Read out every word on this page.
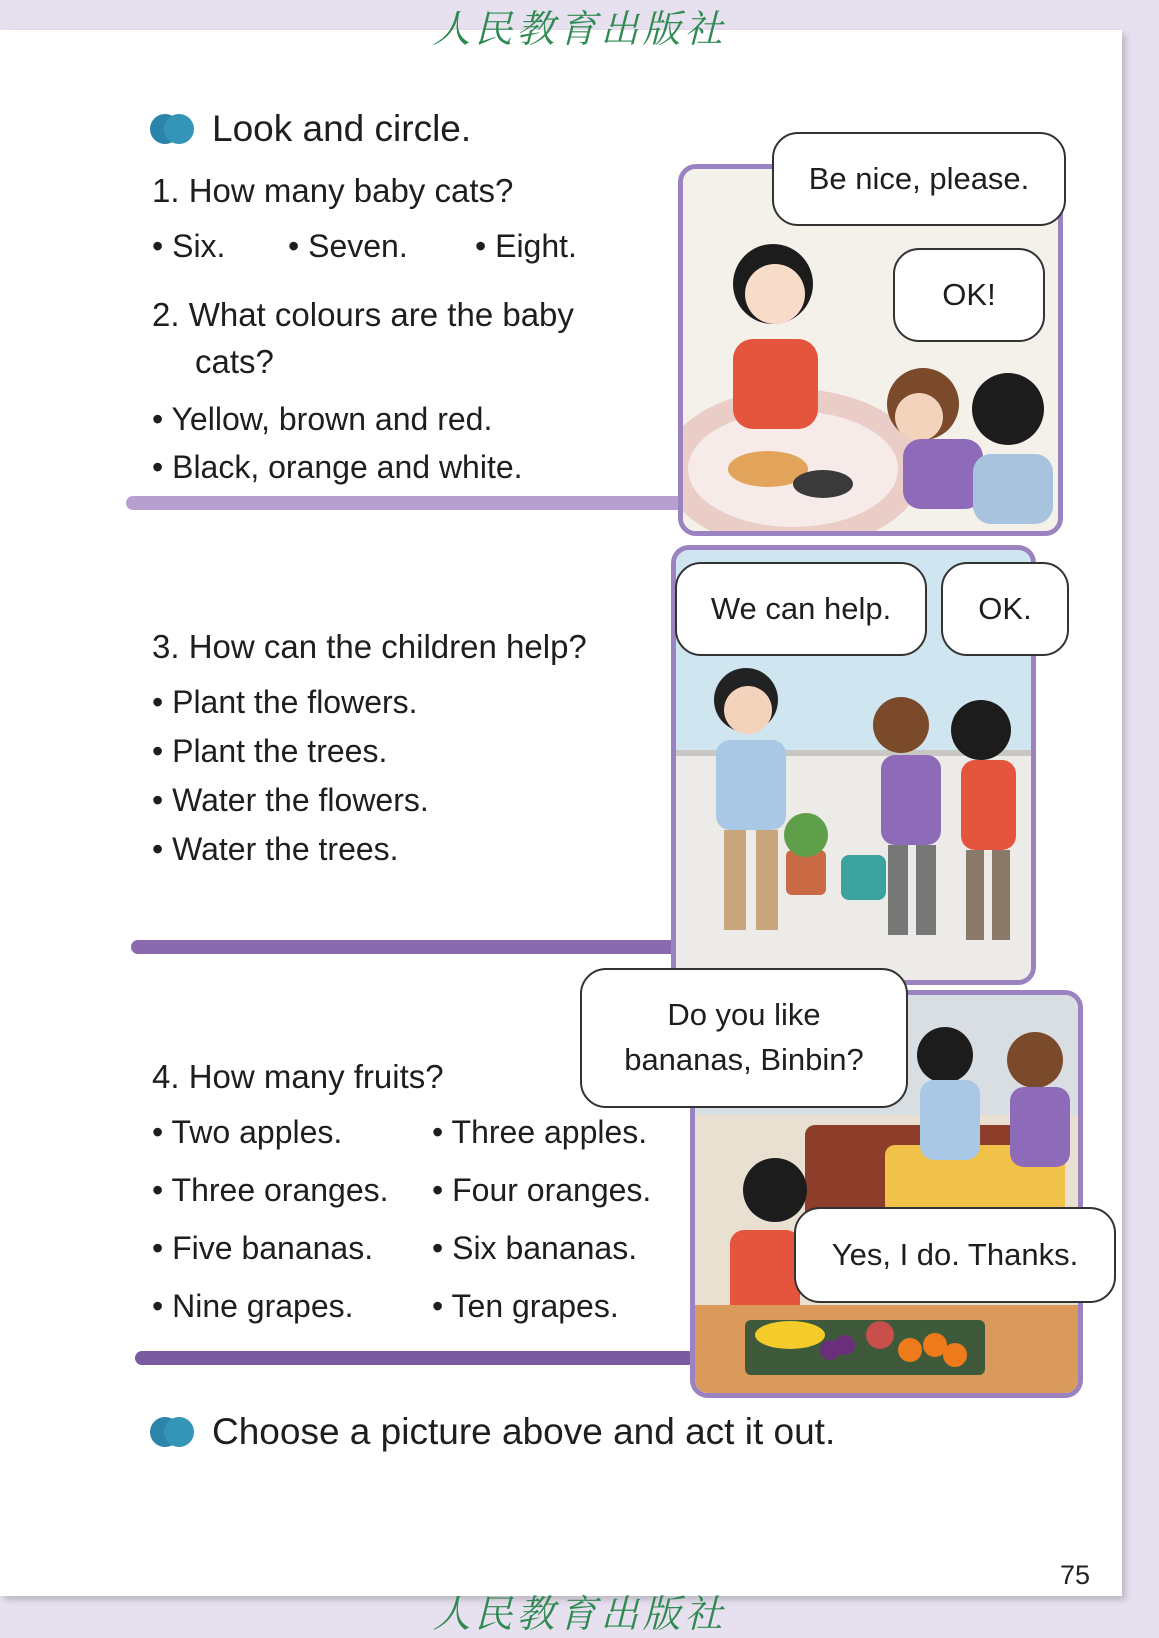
人民教育出版社
Look and circle.
1. How many baby cats?
• Six. • Seven. • Eight.
2. What colours are the baby
cats?
• Yellow, brown and red.
• Black, orange and white.
Be nice, please.
OK!
3. How can the children help?
• Plant the flowers.
• Plant the trees.
• Water the flowers.
• Water the trees.
We can help.	OK.
4. How many fruits?
• Two apples.
• Three oranges.
• Five bananas.
• Nine grapes.
• Three apples.
• Four oranges.
• Six bananas.
• Ten grapes.
Do you like
bananas, Binbin?
Yes, I do. Thanks.
Choose a picture above and act it out.
75
人民教育出版社
